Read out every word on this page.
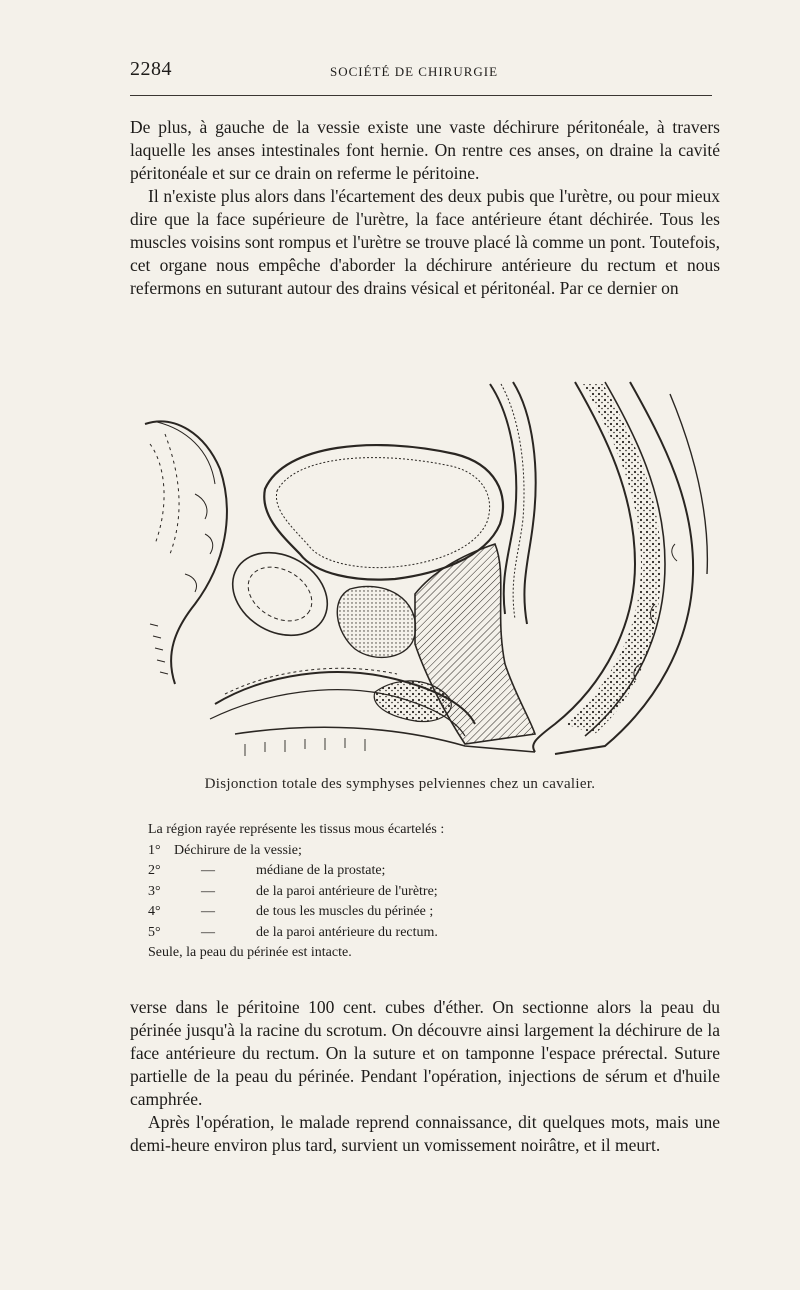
2284	SOCIÉTÉ DE CHIRURGIE

De plus, à gauche de la vessie existe une vaste déchirure péritonéale, à travers laquelle les anses intestinales font hernie. On rentre ces anses, on draine la cavité péritonéale et sur ce drain on referme le péritoine.

Il n'existe plus alors dans l'écartement des deux pubis que l'urètre, ou pour mieux dire que la face supérieure de l'urètre, la face antérieure étant déchirée. Tous les muscles voisins sont rompus et l'urètre se trouve placé là comme un pont. Toutefois, cet organe nous empêche d'aborder la déchirure antérieure du rectum et nous refermons en suturant autour des drains vésical et péritonéal. Par ce dernier on

Disjonction totale des symphyses pelviennes chez un cavalier.
La région rayée représente les tissus mous écartelés :
1° Déchirure de la vessie;
2°	—	médiane de la prostate;
3°	—	de la paroi antérieure de l'urètre;
4°	—	de tous les muscles du périnée ;
5°	—	de la paroi antérieure du rectum.
Seule, la peau du périnée est intacte.

verse dans le péritoine 100 cent. cubes d'éther. On sectionne alors la peau du périnée jusqu'à la racine du scrotum. On découvre ainsi largement la déchirure de la face antérieure du rectum. On la suture et on tamponne l'espace prérectal. Suture partielle de la peau du périnée. Pendant l'opération, injections de sérum et d'huile camphrée.

Après l'opération, le malade reprend connaissance, dit quelques mots, mais une demi-heure environ plus tard, survient un vomissement noirâtre, et il meurt.
